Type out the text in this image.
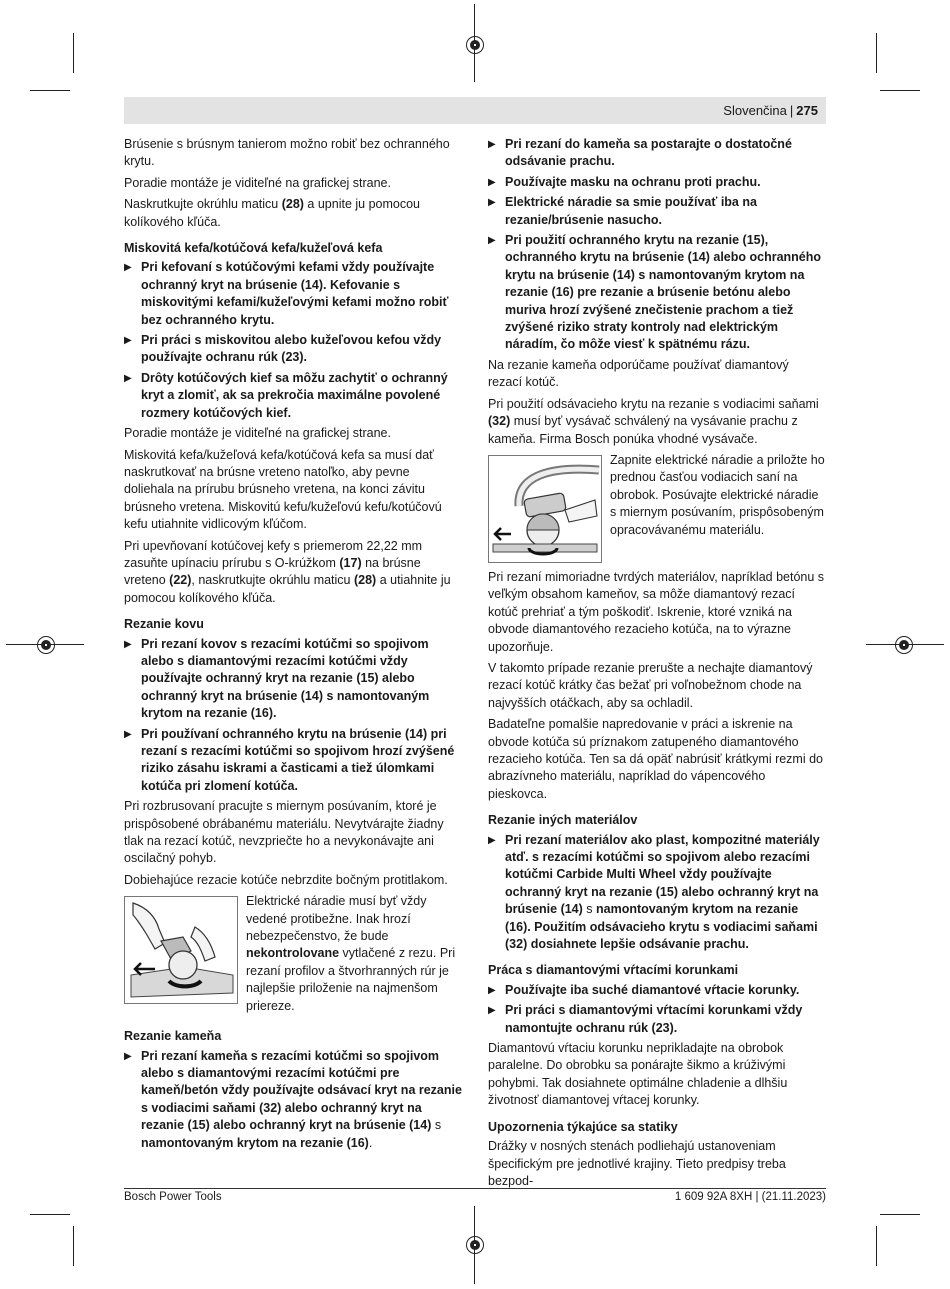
Slovenčina | 275

Brúsenie s brúsnym tanierom možno robiť bez ochranného krytu.

Poradie montáže je viditeľné na grafickej strane.

Naskrutkujte okrúhlu maticu (28) a upnite ju pomocou kolíkového kľúča.

Miskovitá kefa/kotúčová kefa/kužeľová kefa
▶ Pri kefovaní s kotúčovými kefami vždy používajte ochranný kryt na brúsenie (14). Kefovanie s miskovitými kefami/kužeľovými kefami možno robiť bez ochranného krytu.
▶ Pri práci s miskovitou alebo kužeľovou kefou vždy používajte ochranu rúk (23).
▶ Drôty kotúčových kief sa môžu zachytiť o ochranný kryt a zlomiť, ak sa prekročia maximálne povolené rozmery kotúčových kief.

Poradie montáže je viditeľné na grafickej strane.

Miskovitá kefa/kužeľová kefa/kotúčová kefa sa musí dať naskrutkovať na brúsne vreteno natoľko, aby pevne doliehala na prírubu brúsneho vretena, na konci závitu brúsneho vretena. Miskovitú kefu/kužeľovú kefu/kotúčovú kefu utiahnite vidlicovým kľúčom.

Pri upevňovaní kotúčovej kefy s priemerom 22,22 mm zasuňte upínaciu prírubu s O-krúžkom (17) na brúsne vreteno (22), naskrutkujte okrúhlu maticu (28) a utiahnite ju pomocou kolíkového kľúča.

Rezanie kovu
▶ Pri rezaní kovov s rezacími kotúčmi so spojivom alebo s diamantovými rezacími kotúčmi vždy používajte ochranný kryt na rezanie (15) alebo ochranný kryt na brúsenie (14) s namontovaným krytom na rezanie (16).
▶ Pri používaní ochranného krytu na brúsenie (14) pri rezaní s rezacími kotúčmi so spojivom hrozí zvýšené riziko zásahu iskrami a časticami a tiež úlomkami kotúča pri zlomení kotúča.

Pri rozbrusovaní pracujte s miernym posúvaním, ktoré je prispôsobené obrábanému materiálu. Nevytvárajte žiadny tlak na rezací kotúč, nevzpriečte ho a nevykonávajte ani oscilačný pohyb.

Dobiehajúce rezacie kotúče nebrzdite bočným protitlakom.

Elektrické náradie musí byť vždy vedené protibežne. Inak hrozí nebezpečenstvo, že bude nekontrolovane vytlačené z rezu. Pri rezaní profilov a štvorhranných rúr je najlepšie priloženie na najmenšom priereze.

Rezanie kameňa
▶ Pri rezaní kameňa s rezacími kotúčmi so spojivom alebo s diamantovými rezacími kotúčmi pre kameň/betón vždy používajte odsávací kryt na rezanie s vodiacimi saňami (32) alebo ochranný kryt na rezanie (15) alebo ochranný kryt na brúsenie (14) s namontovaným krytom na rezanie (16).
▶ Pri rezaní do kameňa sa postarajte o dostatočné odsávanie prachu.
▶ Používajte masku na ochranu proti prachu.
▶ Elektrické náradie sa smie používať iba na rezanie/brúsenie nasucho.
▶ Pri použití ochranného krytu na rezanie (15), ochranného krytu na brúsenie (14) alebo ochranného krytu na brúsenie (14) s namontovaným krytom na rezanie (16) pre rezanie a brúsenie betónu alebo muriva hrozí zvýšené znečistenie prachom a tiež zvýšené riziko straty kontroly nad elektrickým náradím, čo môže viesť k spätnému rázu.

Na rezanie kameňa odporúčame používať diamantový rezací kotúč.

Pri použití odsávacieho krytu na rezanie s vodiacimi saňami (32) musí byť vysávač schválený na vysávanie prachu z kameňa. Firma Bosch ponúka vhodné vysávače.

Zapnite elektrické náradie a priložte ho prednou časťou vodiacich saní na obrobok. Posúvajte elektrické náradie s miernym posúvaním, prispôsobeným opracovávanému materiálu.

Pri rezaní mimoriadne tvrdých materiálov, napríklad betónu s veľkým obsahom kameňov, sa môže diamantový rezací kotúč prehriať a tým poškodiť. Iskrenie, ktoré vzniká na obvode diamantového rezacieho kotúča, na to výrazne upozorňuje.

V takomto prípade rezanie prerušte a nechajte diamantový rezací kotúč krátky čas bežať pri voľnobežnom chode na najvyšších otáčkach, aby sa ochladil.

Badateľne pomalšie napredovanie v práci a iskrenie na obvode kotúča sú príznakom zatupeného diamantového rezacieho kotúča. Ten sa dá opäť nabrúsiť krátkymi rezmi do abrazívneho materiálu, napríklad do vápencového pieskovca.

Rezanie iných materiálov
▶ Pri rezaní materiálov ako plast, kompozitné materiály atď. s rezacími kotúčmi so spojivom alebo rezacími kotúčmi Carbide Multi Wheel vždy používajte ochranný kryt na rezanie (15) alebo ochranný kryt na brúsenie (14) s namontovaným krytom na rezanie (16). Použitím odsávacieho krytu s vodiacimi saňami (32) dosiahnete lepšie odsávanie prachu.
Práca s diamantovými vŕtacími korunkami
▶ Používajte iba suché diamantové vŕtacie korunky.
▶ Pri práci s diamantovými vŕtacími korunkami vždy namontujte ochranu rúk (23).

Diamantovú vŕtaciu korunku neprikladajte na obrobok paralelne. Do obrobku sa ponárajte šikmo a krúživými pohybmi. Tak dosiahnete optimálne chladenie a dlhšiu životnosť diamantovej vŕtacej korunky.

Upozornenia týkajúce sa statiky

Drážky v nosných stenách podliehajú ustanoveniam špecifickým pre jednotlivé krajiny. Tieto predpisy treba bezpod-

Bosch Power Tools	1 609 92A 8XH | (21.11.2023)
